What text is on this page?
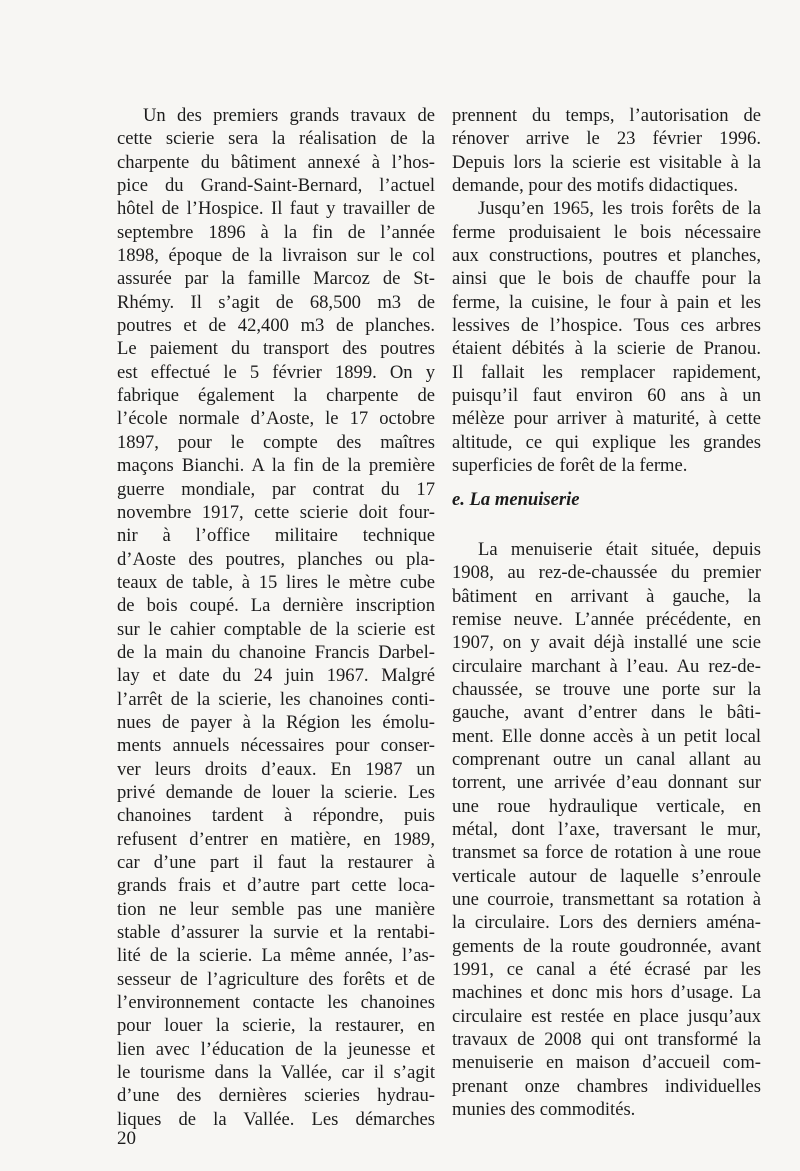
Un des premiers grands travaux de
cette scierie sera la réalisation de la
charpente du bâtiment annexé à l’hos-
pice du Grand-Saint-Bernard, l’actuel
hôtel de l’Hospice. Il faut y travailler de
septembre 1896 à la fin de l’année
1898, époque de la livraison sur le col
assurée par la famille Marcoz de St-
Rhémy. Il s’agit de 68,500 m3 de
poutres et de 42,400 m3 de planches.
Le paiement du transport des poutres
est effectué le 5 février 1899. On y
fabrique également la charpente de
l’école normale d’Aoste, le 17 octobre
1897, pour le compte des maîtres
maçons Bianchi. A la fin de la première
guerre mondiale, par contrat du 17
novembre 1917, cette scierie doit four-
nir à l’office militaire technique
d’Aoste des poutres, planches ou pla-
teaux de table, à 15 lires le mètre cube
de bois coupé. La dernière inscription
sur le cahier comptable de la scierie est
de la main du chanoine Francis Darbel-
lay et date du 24 juin 1967. Malgré
l’arrêt de la scierie, les chanoines conti-
nues de payer à la Région les émolu-
ments annuels nécessaires pour conser-
ver leurs droits d’eaux. En 1987 un
privé demande de louer la scierie. Les
chanoines tardent à répondre, puis
refusent d’entrer en matière, en 1989,
car d’une part il faut la restaurer à
grands frais et d’autre part cette loca-
tion ne leur semble pas une manière
stable d’assurer la survie et la rentabi-
lité de la scierie. La même année, l’as-
sesseur de l’agriculture des forêts et de
l’environnement contacte les chanoines
pour louer la scierie, la restaurer, en
lien avec l’éducation de la jeunesse et
le tourisme dans la Vallée, car il s’agit
d’une des dernières scieries hydrau-
liques de la Vallée. Les démarches
prennent du temps, l’autorisation de
rénover arrive le 23 février 1996.
Depuis lors la scierie est visitable à la
demande, pour des motifs didactiques.
Jusqu’en 1965, les trois forêts de la
ferme produisaient le bois nécessaire
aux constructions, poutres et planches,
ainsi que le bois de chauffe pour la
ferme, la cuisine, le four à pain et les
lessives de l’hospice. Tous ces arbres
étaient débités à la scierie de Pranou.
Il fallait les remplacer rapidement,
puisqu’il faut environ 60 ans à un
mélèze pour arriver à maturité, à cette
altitude, ce qui explique les grandes
superficies de forêt de la ferme.
e. La menuiserie
La menuiserie était située, depuis
1908, au rez-de-chaussée du premier
bâtiment en arrivant à gauche, la
remise neuve. L’année précédente, en
1907, on y avait déjà installé une scie
circulaire marchant à l’eau. Au rez-de-
chaussée, se trouve une porte sur la
gauche, avant d’entrer dans le bâti-
ment. Elle donne accès à un petit local
comprenant outre un canal allant au
torrent, une arrivée d’eau donnant sur
une roue hydraulique verticale, en
métal, dont l’axe, traversant le mur,
transmet sa force de rotation à une roue
verticale autour de laquelle s’enroule
une courroie, transmettant sa rotation à
la circulaire. Lors des derniers aména-
gements de la route goudronnée, avant
1991, ce canal a été écrasé par les
machines et donc mis hors d’usage. La
circulaire est restée en place jusqu’aux
travaux de 2008 qui ont transformé la
menuiserie en maison d’accueil com-
prenant onze chambres individuelles
munies des commodités.
20
